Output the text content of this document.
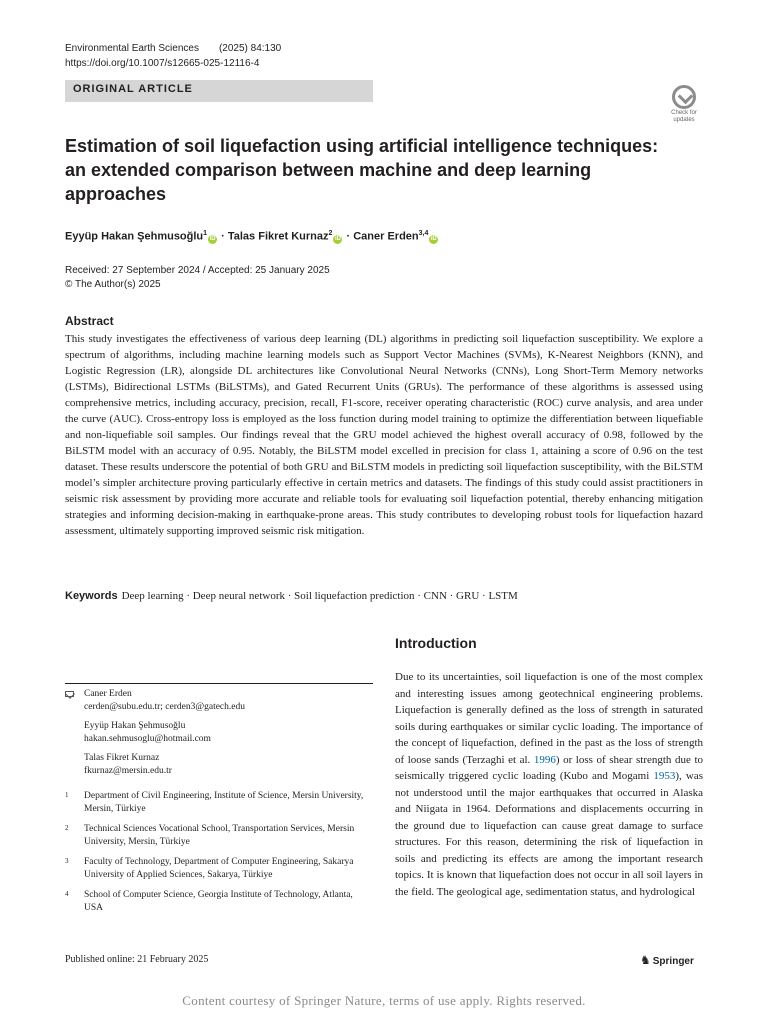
Environmental Earth Sciences (2025) 84:130
https://doi.org/10.1007/s12665-025-12116-4
ORIGINAL ARTICLE
Check for
updates
Estimation of soil liquefaction using artificial intelligence techniques: an extended comparison between machine and deep learning approaches
Eyyüp Hakan Şehmusoğlu$^1$iD · Talas Fikret Kurnaz$^2$iD · Caner Erden$^{3,4}$iD
Received: 27 September 2024 / Accepted: 25 January 2025
© The Author(s) 2025
Abstract
This study investigates the effectiveness of various deep learning (DL) algorithms in predicting soil liquefaction susceptibility. We explore a spectrum of algorithms, including machine learning models such as Support Vector Machines (SVMs), K-Nearest Neighbors (KNN), and Logistic Regression (LR), alongside DL architectures like Convolutional Neural Networks (CNNs), Long Short-Term Memory networks (LSTMs), Bidirectional LSTMs (BiLSTMs), and Gated Recurrent Units (GRUs). The performance of these algorithms is assessed using comprehensive metrics, including accuracy, precision, recall, F1-score, receiver operating characteristic (ROC) curve analysis, and area under the curve (AUC). Cross-entropy loss is employed as the loss function during model training to optimize the differentiation between liquefiable and non-liquefiable soil samples. Our findings reveal that the GRU model achieved the highest overall accuracy of 0.98, followed by the BiLSTM model with an accuracy of 0.95. Notably, the BiLSTM model excelled in precision for class 1, attaining a score of 0.96 on the test dataset. These results underscore the potential of both GRU and BiLSTM models in predicting soil liquefaction susceptibility, with the BiLSTM model’s simpler architecture proving particularly effective in certain metrics and datasets. The findings of this study could assist practitioners in seismic risk assessment by providing more accurate and reliable tools for evaluating soil liquefaction potential, thereby enhancing mitigation strategies and informing decision-making in earthquake-prone areas. This study contributes to developing robust tools for liquefaction hazard assessment, ultimately supporting improved seismic risk mitigation.
Keywords Deep learning · Deep neural network · Soil liquefaction prediction · CNN · GRU · LSTM
Introduction
Due to its uncertainties, soil liquefaction is one of the most complex and interesting issues among geotechnical engineering problems. Liquefaction is generally defined as the loss of strength in saturated soils during earthquakes or similar cyclic loading. The importance of the concept of liquefaction, defined in the past as the loss of strength of loose sands (Terzaghi et al. 1996) or loss of shear strength due to seismically triggered cyclic loading (Kubo and Mogami 1953), was not understood until the major earthquakes that occurred in Alaska and Niigata in 1964. Deformations and displacements occurring in the ground due to liquefaction can cause great damage to surface structures. For this reason, determining the risk of liquefaction in soils and predicting its effects are among the important research topics. It is known that liquefaction does not occur in all soil layers in the field. The geological age, sedimentation status, and hydrological
Caner Erden
cerden@subu.edu.tr; cerden3@gatech.edu
Eyyüp Hakan Şehmusoğlu
hakan.sehmusoglu@hotmail.com
Talas Fikret Kurnaz
fkurnaz@mersin.edu.tr
1 Department of Civil Engineering, Institute of Science, Mersin University, Mersin, Türkiye
2 Technical Sciences Vocational School, Transportation Services, Mersin University, Mersin, Türkiye
3 Faculty of Technology, Department of Computer Engineering, Sakarya University of Applied Sciences, Sakarya, Türkiye
4 School of Computer Science, Georgia Institute of Technology, Atlanta, USA
Published online: 21 February 2025	♞ Springer
Content courtesy of Springer Nature, terms of use apply. Rights reserved.
